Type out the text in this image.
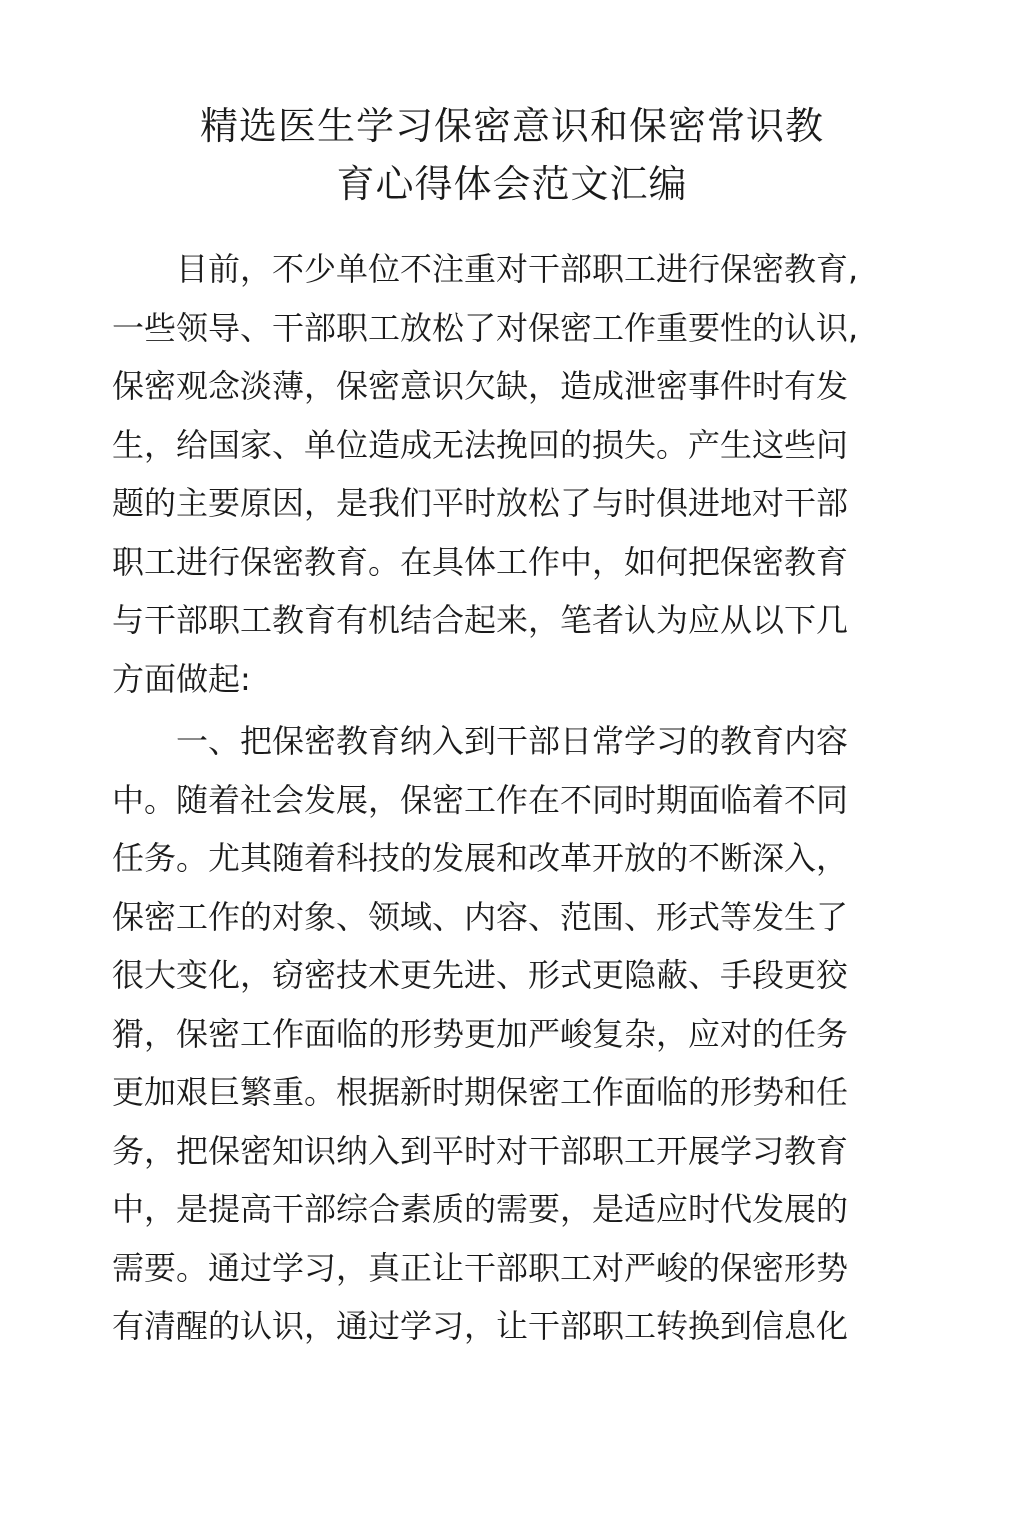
精选医生学习保密意识和保密常识教
育心得体会范文汇编

　　目前，不少单位不注重对干部职工进行保密教育,
一些领导、干部职工放松了对保密工作重要性的认识,
保密观念淡薄，保密意识欠缺，造成泄密事件时有发
生，给国家、单位造成无法挽回的损失。产生这些问
题的主要原因，是我们平时放松了与时俱进地对干部
职工进行保密教育。在具体工作中，如何把保密教育
与干部职工教育有机结合起来，笔者认为应从以下几
方面做起:

　　一、把保密教育纳入到干部日常学习的教育内容
中。随着社会发展，保密工作在不同时期面临着不同
任务。尤其随着科技的发展和改革开放的不断深入，
保密工作的对象、领域、内容、范围、形式等发生了
很大变化，窃密技术更先进、形式更隐蔽、手段更狡
猾，保密工作面临的形势更加严峻复杂，应对的任务
更加艰巨繁重。根据新时期保密工作面临的形势和任
务，把保密知识纳入到平时对干部职工开展学习教育
中，是提高干部综合素质的需要，是适应时代发展的
需要。通过学习，真正让干部职工对严峻的保密形势
有清醒的认识，通过学习，让干部职工转换到信息化
